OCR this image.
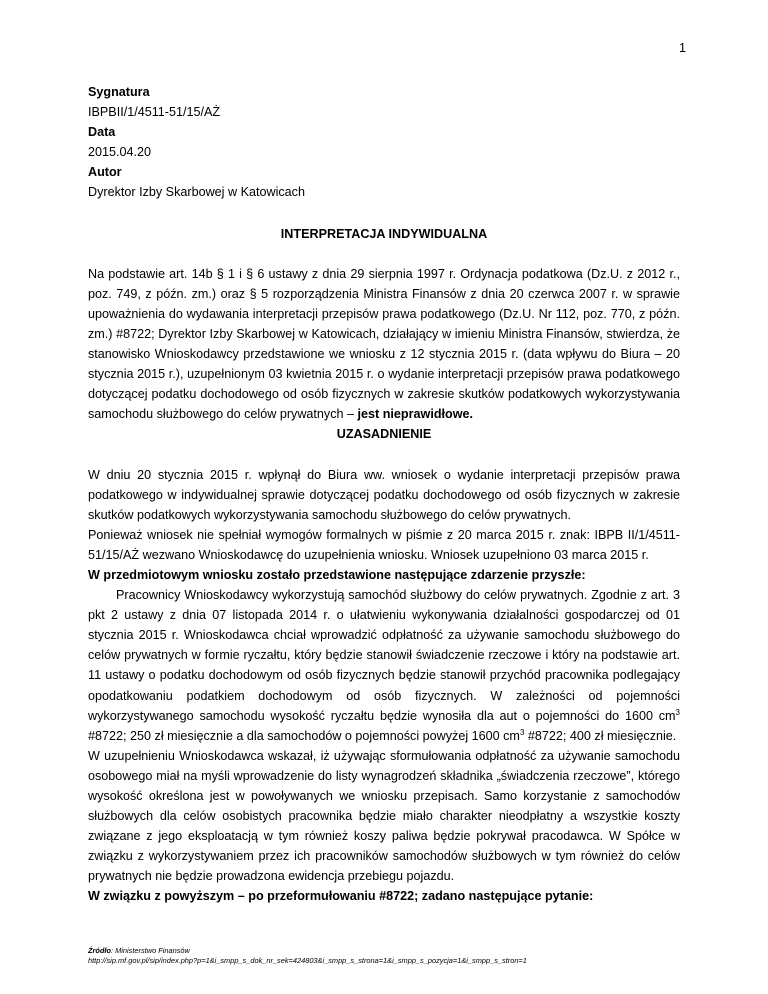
1
Sygnatura
IBPBII/1/4511-51/15/AŻ
Data
2015.04.20
Autor
Dyrektor Izby Skarbowej w Katowicach
INTERPRETACJA INDYWIDUALNA

Na podstawie art. 14b § 1 i § 6 ustawy z dnia 29 sierpnia 1997 r. Ordynacja podatkowa (Dz.U. z 2012 r., poz. 749, z późn. zm.) oraz § 5 rozporządzenia Ministra Finansów z dnia 20 czerwca 2007 r. w sprawie upoważnienia do wydawania interpretacji przepisów prawa podatkowego (Dz.U. Nr 112, poz. 770, z późn. zm.) #8722; Dyrektor Izby Skarbowej w Katowicach, działający w imieniu Ministra Finansów, stwierdza, że stanowisko Wnioskodawcy przedstawione we wniosku z 12 stycznia 2015 r. (data wpływu do Biura – 20 stycznia 2015 r.), uzupełnionym 03 kwietnia 2015 r. o wydanie interpretacji przepisów prawa podatkowego dotyczącej podatku dochodowego od osób fizycznych w zakresie skutków podatkowych wykorzystywania samochodu służbowego do celów prywatnych – jest nieprawidłowe.

UZASADNIENIE

W dniu 20 stycznia 2015 r. wpłynął do Biura ww. wniosek o wydanie interpretacji przepisów prawa podatkowego w indywidualnej sprawie dotyczącej podatku dochodowego od osób fizycznych w zakresie skutków podatkowych wykorzystywania samochodu służbowego do celów prywatnych.

Ponieważ wniosek nie spełniał wymogów formalnych w piśmie z 20 marca 2015 r. znak: IBPB II/1/4511-51/15/AŻ wezwano Wnioskodawcę do uzupełnienia wniosku. Wniosek uzupełniono 03 marca 2015 r.

W przedmiotowym wniosku zostało przedstawione następujące zdarzenie przyszłe:

Pracownicy Wnioskodawcy wykorzystują samochód służbowy do celów prywatnych. Zgodnie z art. 3 pkt 2 ustawy z dnia 07 listopada 2014 r. o ułatwieniu wykonywania działalności gospodarczej od 01 stycznia 2015 r. Wnioskodawca chciał wprowadzić odpłatność za używanie samochodu służbowego do celów prywatnych w formie ryczałtu, który będzie stanowił świadczenie rzeczowe i który na podstawie art. 11 ustawy o podatku dochodowym od osób fizycznych będzie stanowił przychód pracownika podlegający opodatkowaniu podatkiem dochodowym od osób fizycznych. W zależności od pojemności wykorzystywanego samochodu wysokość ryczałtu będzie wynosiła dla aut o pojemności do 1600 $cm^3$ #8722; 250 zł miesięcznie a dla samochodów o pojemności powyżej 1600 $cm^3$ #8722; 400 zł miesięcznie.

W uzupełnieniu Wnioskodawca wskazał, iż używając sformułowania odpłatność za używanie samochodu osobowego miał na myśli wprowadzenie do listy wynagrodzeń składnika „świadczenia rzeczowe”, którego wysokość określona jest w powoływanych we wniosku przepisach. Samo korzystanie z samochodów służbowych dla celów osobistych pracownika będzie miało charakter nieodpłatny a wszystkie koszty związane z jego eksploatacją w tym również koszy paliwa będzie pokrywał pracodawca. W Spółce w związku z wykorzystywaniem przez ich pracowników samochodów służbowych w tym również do celów prywatnych nie będzie prowadzona ewidencja przebiegu pojazdu.

W związku z powyższym – po przeformułowaniu #8722; zadano następujące pytanie:

Źródło: Ministerstwo Finansów
http://sip.mf.gov.pl/sip/index.php?p=1&i_smpp_s_dok_nr_sek=424803&i_smpp_s_strona=1&i_smpp_s_pozycja=1&i_smpp_s_stron=1
